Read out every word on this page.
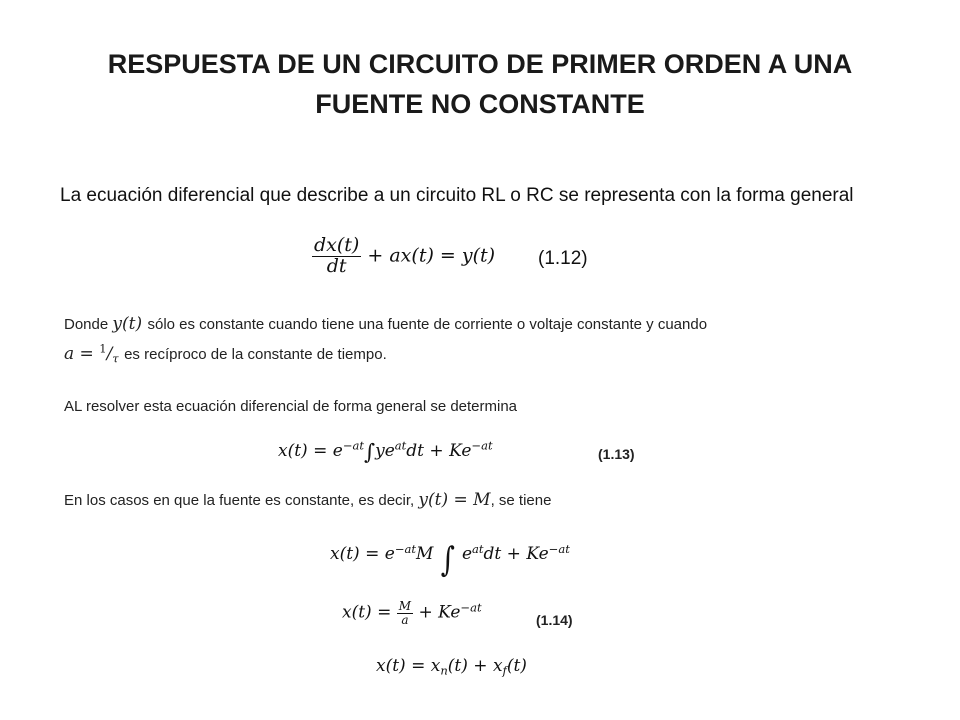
RESPUESTA DE UN CIRCUITO DE PRIMER ORDEN A UNA FUENTE NO CONSTANTE
La ecuación diferencial que describe a un circuito RL o RC se representa con la forma general
$\frac{dx(t)}{dt} + ax(t) = y(t)$ (1.12)
Donde y(t) sólo es constante cuando tiene una fuente de corriente o voltaje constante y cuando
$a = ^1/_\tau$ es recíproco de la constante de tiempo.
AL resolver esta ecuación diferencial de forma general se determina
$x(t) = e^{-at}\int ye^{at}dt + Ke^{-at}$
(1.13)
En los casos en que la fuente es constante, es decir, y(t) = M, se tiene
$x(t) = e^{-at}M$ ∫ $e^{at}dt + Ke^{-at}$
$x(t) = \frac{M}{a} + Ke^{-at}$
(1.14)
$x(t) = x_n(t) + x_f(t)$
